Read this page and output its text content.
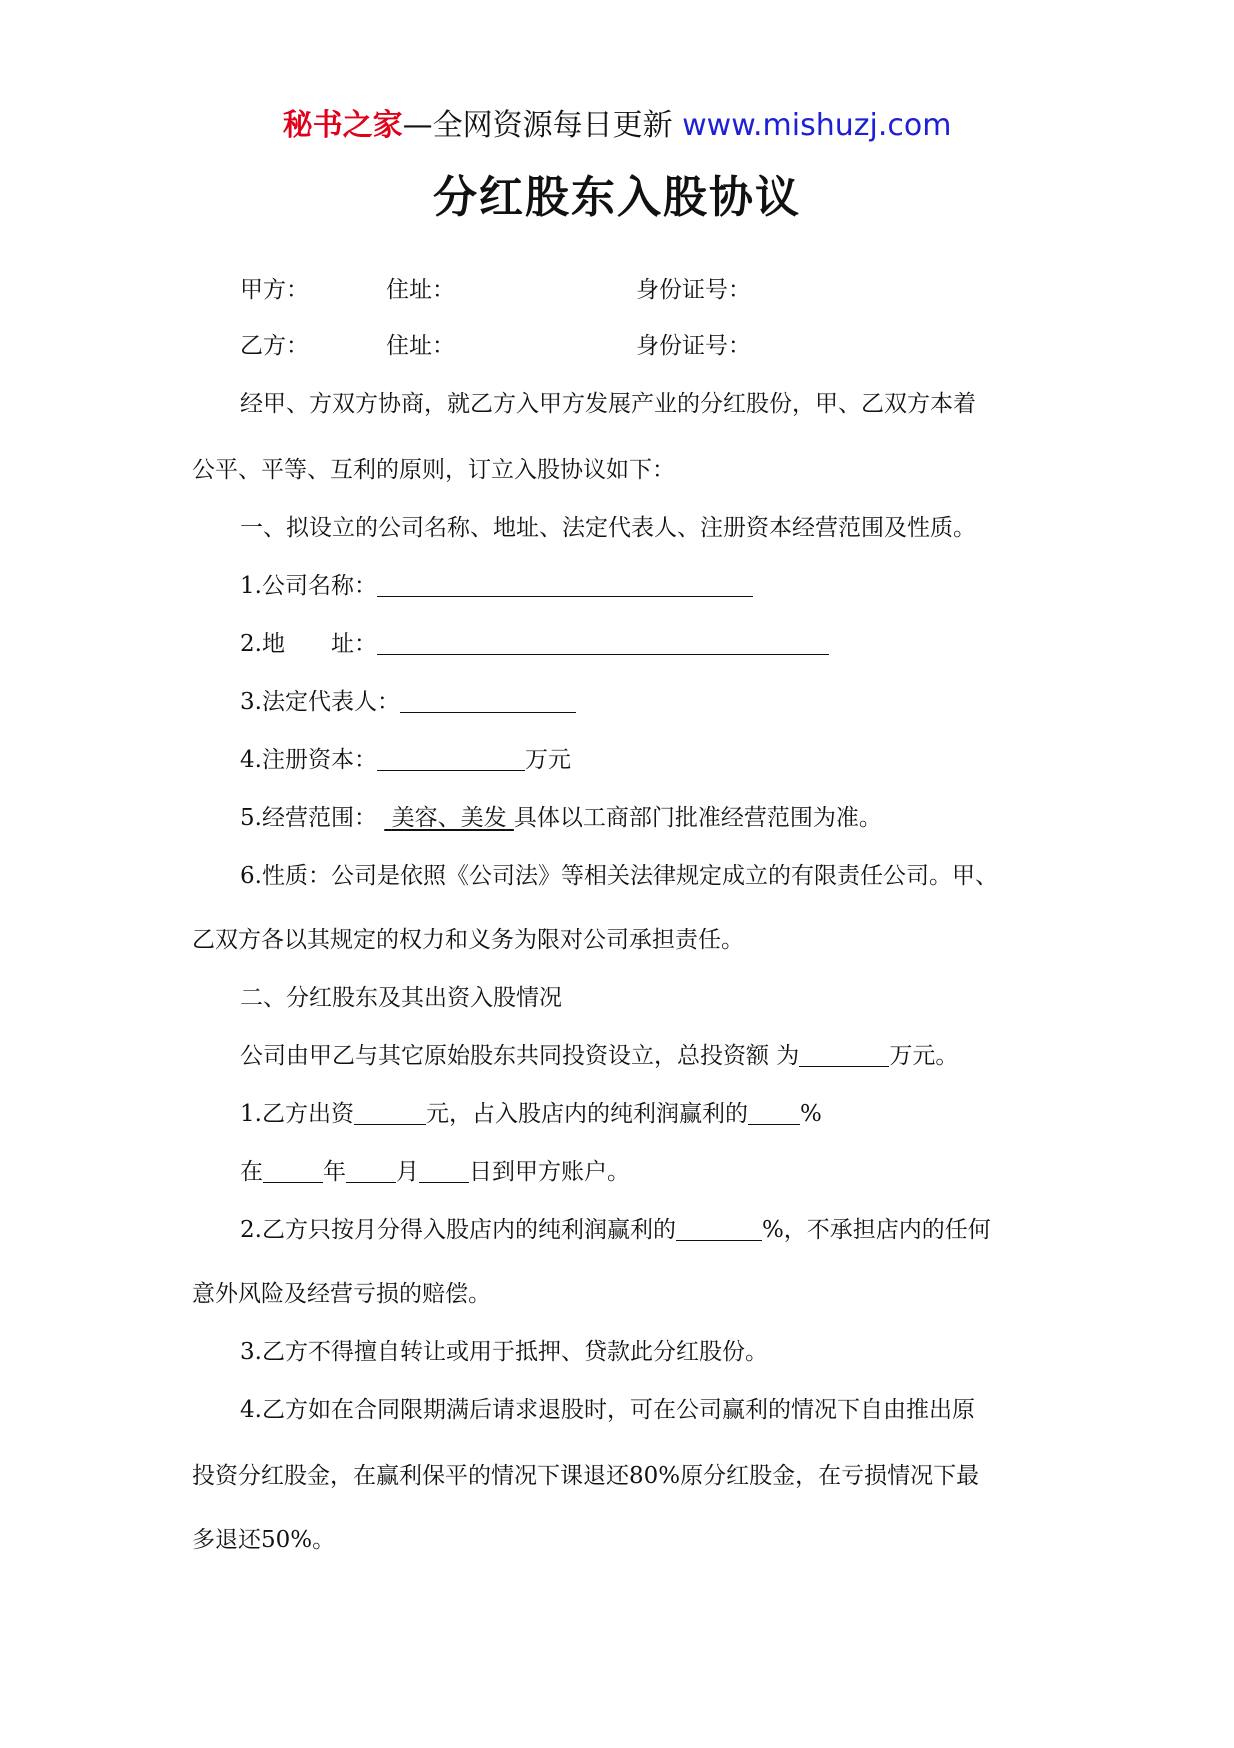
秘书之家—全网资源每日更新 www.mishuzj.com
分红股东入股协议
甲方：	住址：	身份证号：
乙方：	住址：	身份证号：
经甲、方双方协商，就乙方入甲方发展产业的分红股份，甲、乙双方本着
公平、平等、互利的原则，订立入股协议如下：
一、拟设立的公司名称、地址、法定代表人、注册资本经营范围及性质。
1.公司名称：
2.地　　址：
3.法定代表人：
4.注册资本：	万元
5.经营范围： 美容、美发 具体以工商部门批准经营范围为准。
6.性质：公司是依照《公司法》等相关法律规定成立的有限责任公司。甲、
乙双方各以其规定的权力和义务为限对公司承担责任。
二、分红股东及其出资入股情况
公司由甲乙与其它原始股东共同投资设立，总投资额 为	万元。
1.乙方出资	元，占入股店内的纯利润赢利的 %
在	年 月 日到甲方账户。
2.乙方只按月分得入股店内的纯利润赢利的	%，不承担店内的任何
意外风险及经营亏损的赔偿。
3.乙方不得擅自转让或用于抵押、贷款此分红股份。
4.乙方如在合同限期满后请求退股时，可在公司赢利的情况下自由推出原
投资分红股金，在赢利保平的情况下课退还80%原分红股金，在亏损情况下最
多退还50%。
